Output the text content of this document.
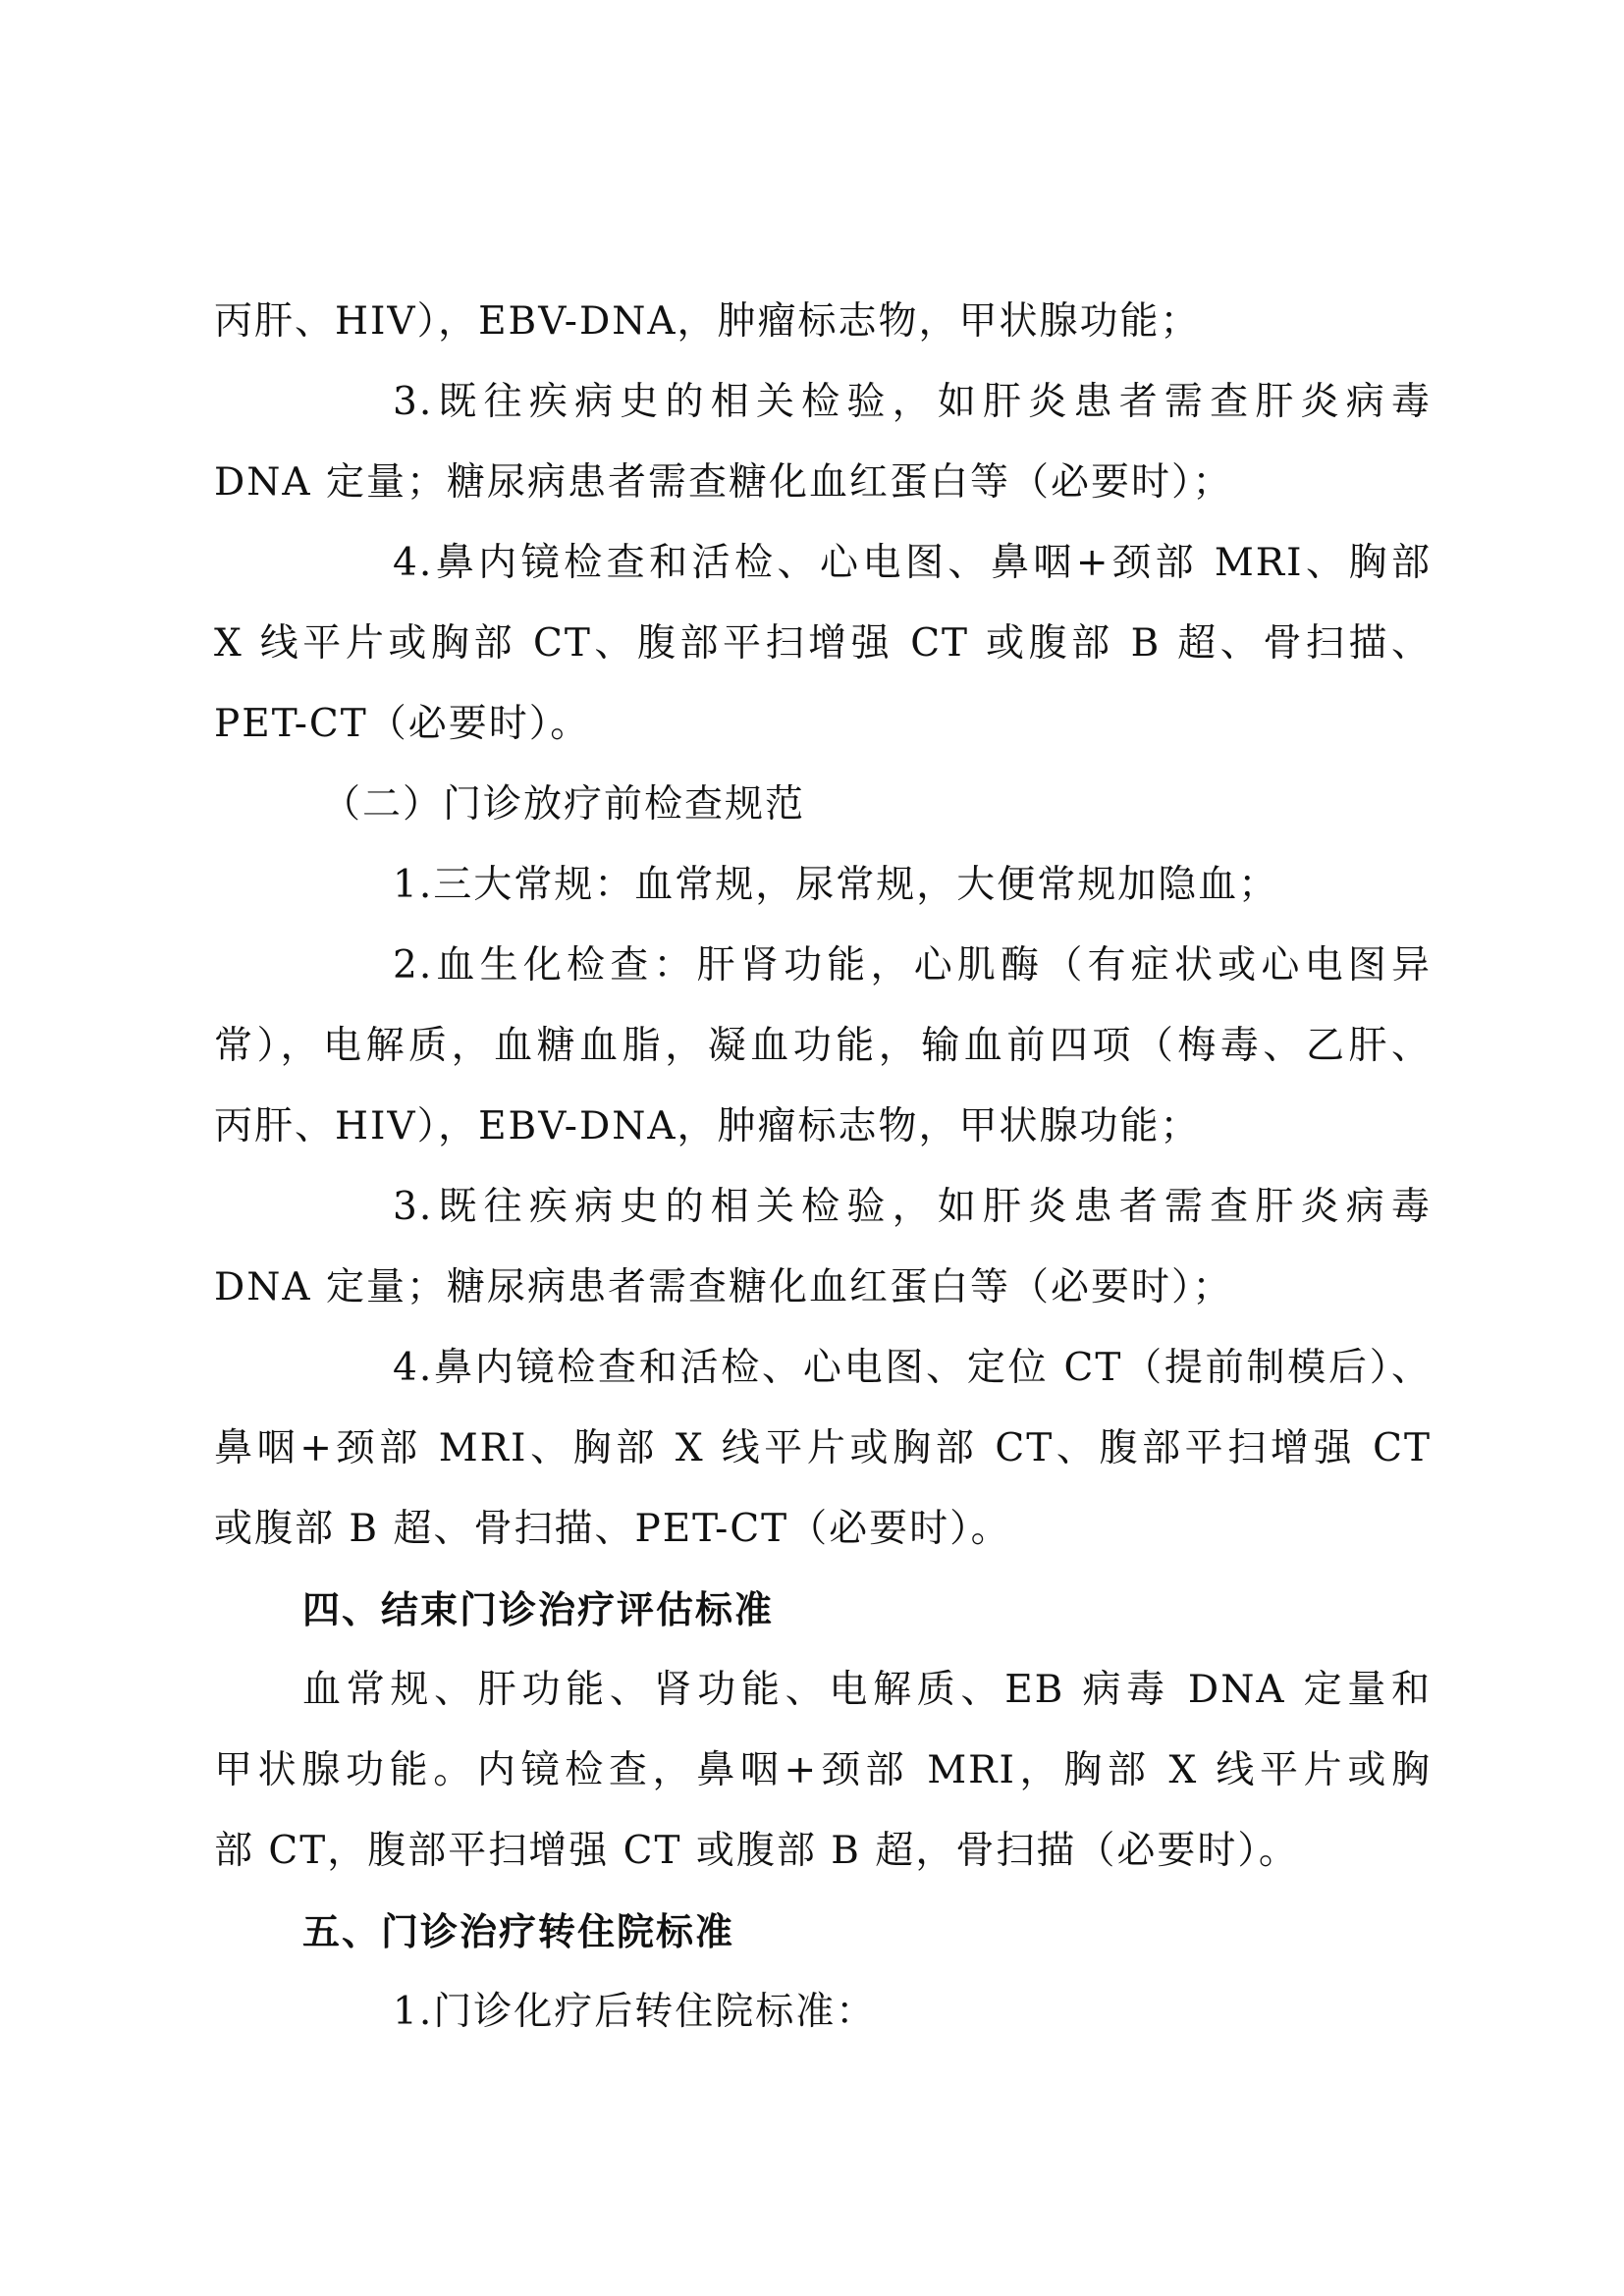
丙肝、HIV），EBV-DNA，肿瘤标志物，甲状腺功能；
3.既往疾病史的相关检验，如肝炎患者需查肝炎病毒
DNA 定量；糖尿病患者需查糖化血红蛋白等（必要时）；
4.鼻内镜检查和活检、心电图、鼻咽+颈部 MRI、胸部
X 线平片或胸部 CT、腹部平扫增强 CT 或腹部 B 超、骨扫描、
PET-CT（必要时）。
（二）门诊放疗前检查规范
1.三大常规：血常规，尿常规，大便常规加隐血；
2.血生化检查：肝肾功能，心肌酶（有症状或心电图异
常），电解质，血糖血脂，凝血功能，输血前四项（梅毒、乙肝、
丙肝、HIV），EBV-DNA，肿瘤标志物，甲状腺功能；
3.既往疾病史的相关检验，如肝炎患者需查肝炎病毒
DNA 定量；糖尿病患者需查糖化血红蛋白等（必要时）；
4.鼻内镜检查和活检、心电图、定位 CT（提前制模后）、
鼻咽+颈部 MRI、胸部 X 线平片或胸部 CT、腹部平扫增强 CT
或腹部 B 超、骨扫描、PET-CT（必要时）。
四、结束门诊治疗评估标准
血常规、肝功能、肾功能、电解质、EB 病毒 DNA 定量和
甲状腺功能。内镜检查，鼻咽+颈部 MRI，胸部 X 线平片或胸
部 CT，腹部平扫增强 CT 或腹部 B 超，骨扫描（必要时）。
五、门诊治疗转住院标准
1.门诊化疗后转住院标准：
